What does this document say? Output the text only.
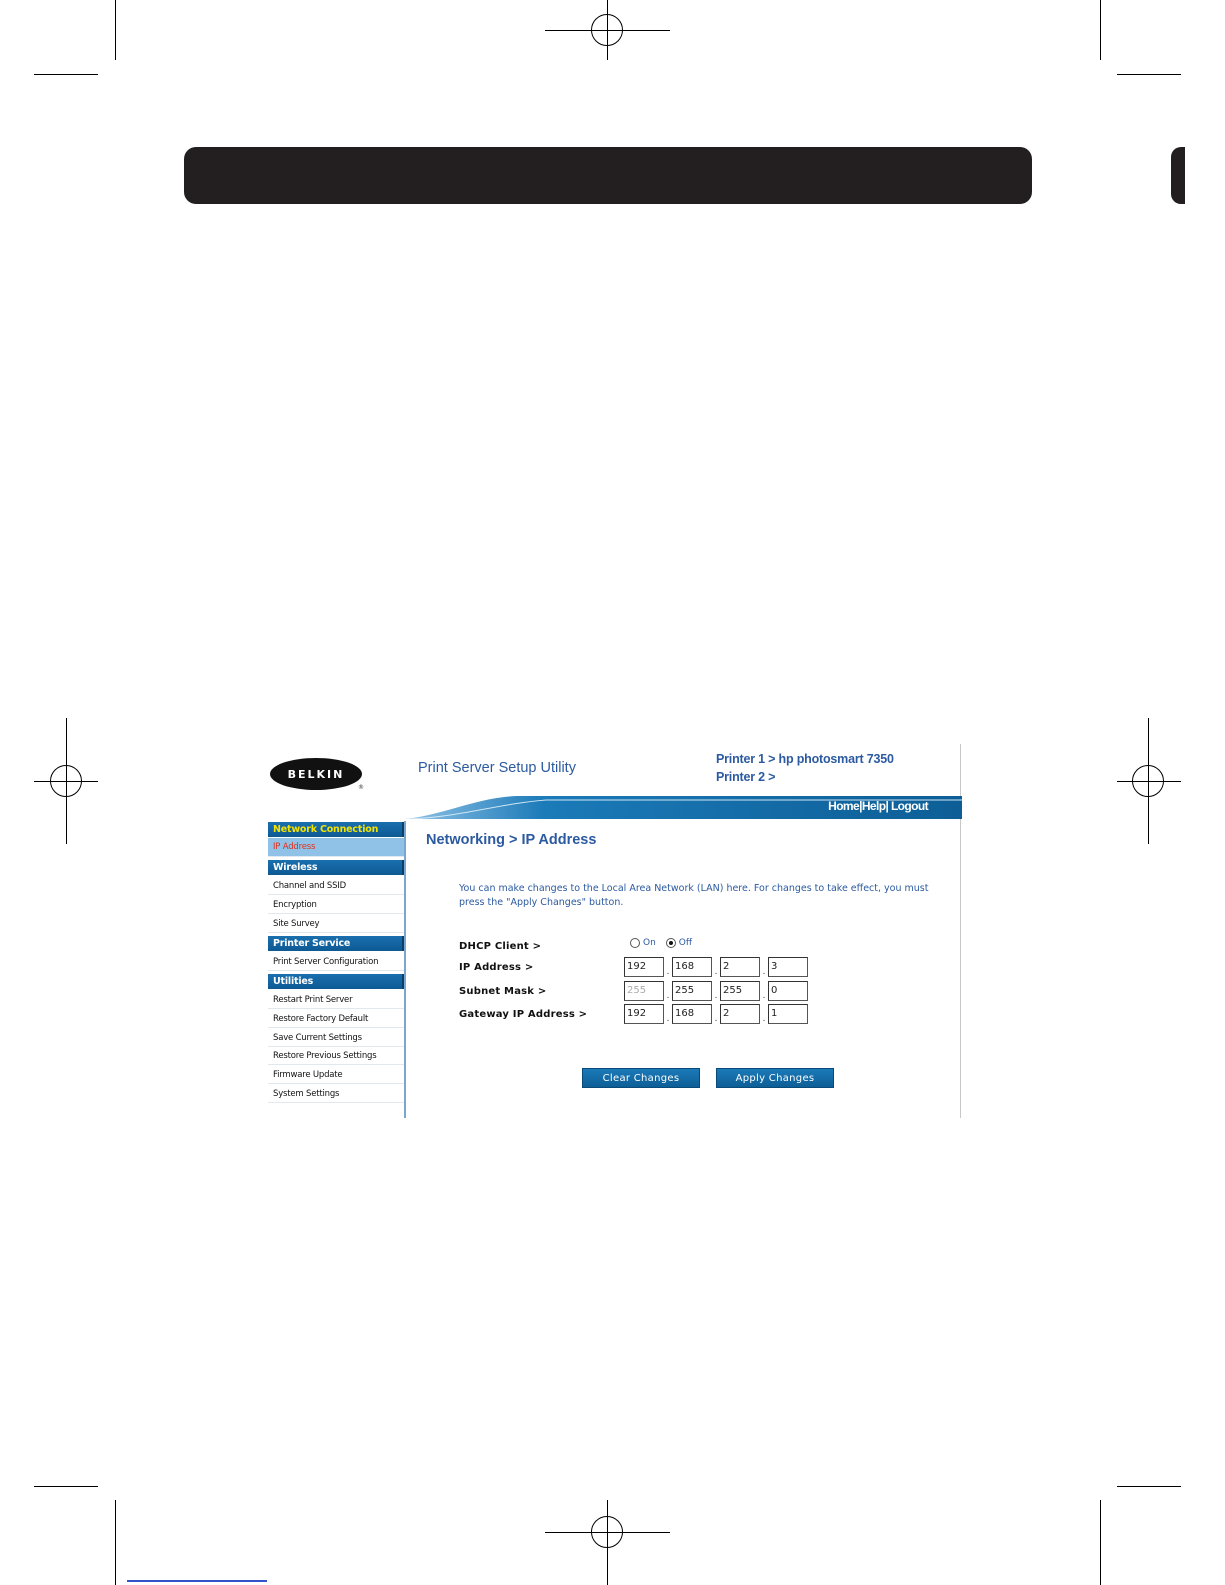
BELKIN
®
Print Server Setup Utility
Printer 1 > hp photosmart 7350
Printer 2 >
Home|Help| Logout
Network Connection
IP Address
Wireless
Channel and SSID
Encryption
Site Survey
Printer Service
Print Server Configuration
Utilities
Restart Print Server
Restore Factory Default
Save Current Settings
Restore Previous Settings
Firmware Update
System Settings
Networking > IP Address
You can make changes to the Local Area Network (LAN) here. For changes to take effect, you must press the "Apply Changes" button.
DHCP Client >	On	Off
IP Address >	192	. 168	. 2	. 3
Subnet Mask >	255	. 255	. 255	. 0
Gateway IP Address >	192	. 168	. 2	. 1
Clear Changes	Apply Changes
